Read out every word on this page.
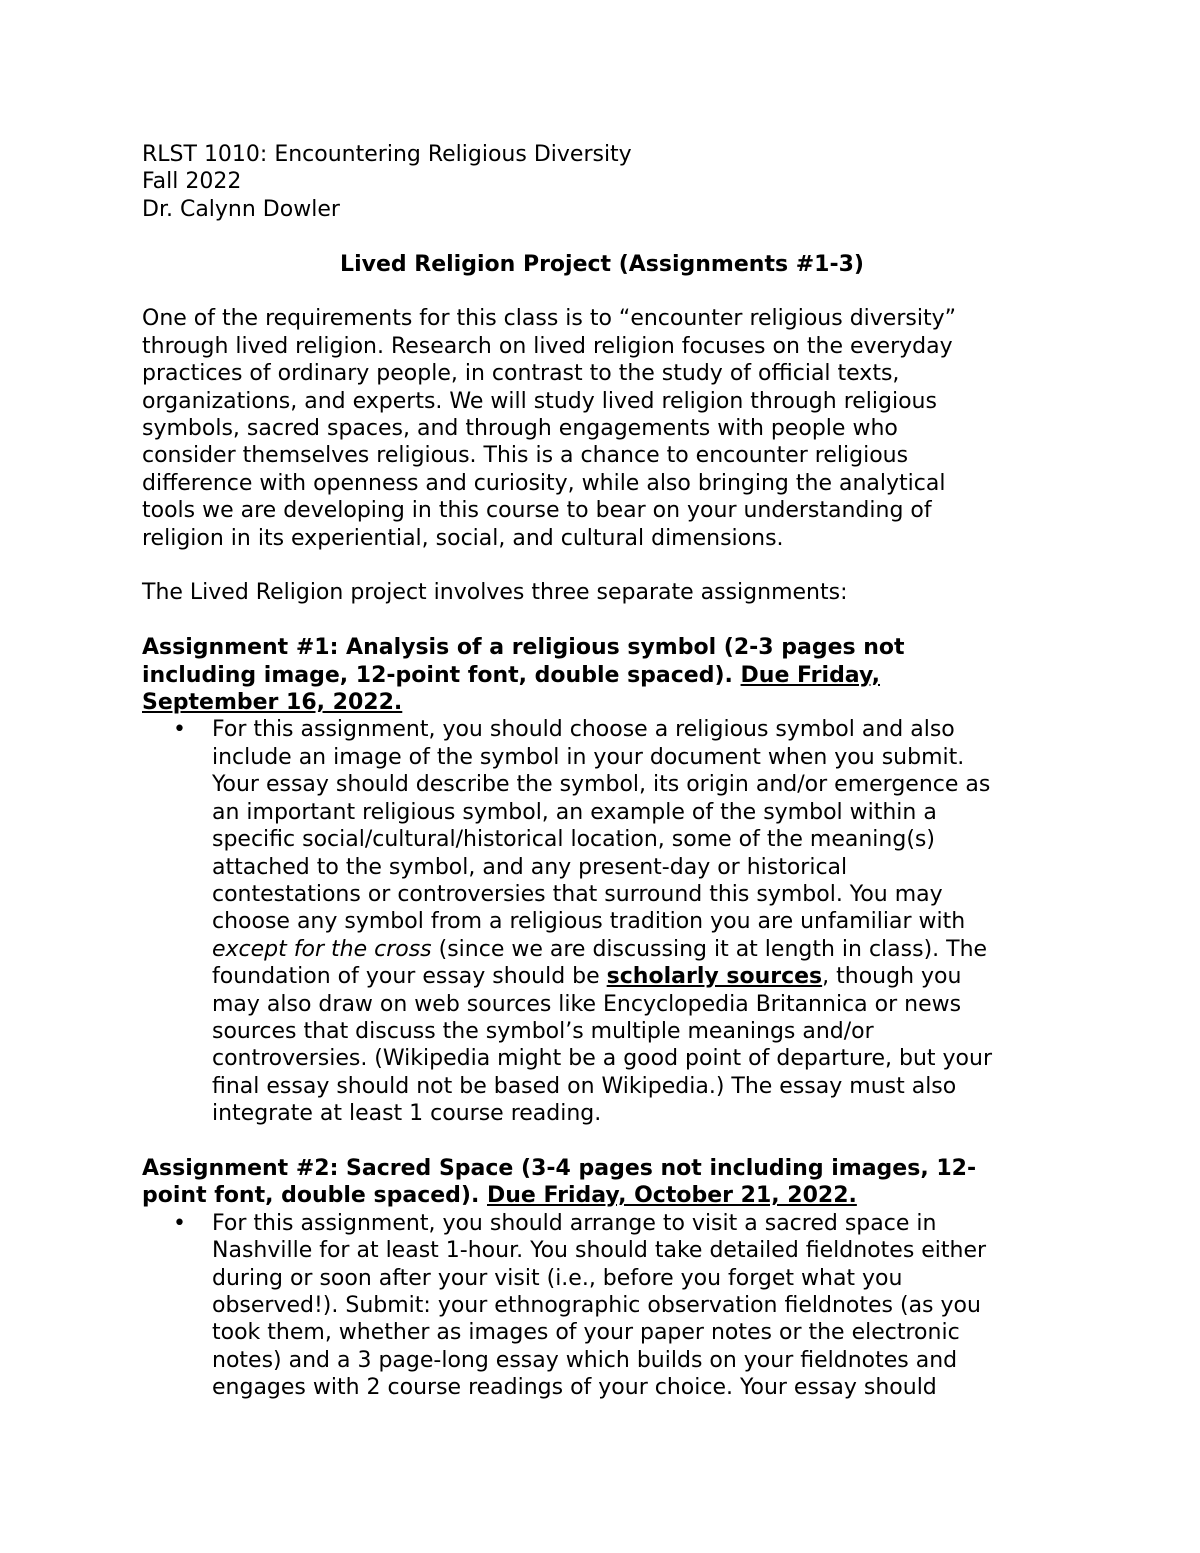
RLST 1010: Encountering Religious Diversity
Fall 2022
Dr. Calynn Dowler
Lived Religion Project (Assignments #1-3)
One of the requirements for this class is to “encounter religious diversity”
through lived religion. Research on lived religion focuses on the everyday
practices of ordinary people, in contrast to the study of official texts,
organizations, and experts. We will study lived religion through religious
symbols, sacred spaces, and through engagements with people who
consider themselves religious. This is a chance to encounter religious
difference with openness and curiosity, while also bringing the analytical
tools we are developing in this course to bear on your understanding of
religion in its experiential, social, and cultural dimensions.
The Lived Religion project involves three separate assignments:
Assignment #1: Analysis of a religious symbol (2-3 pages not
including image, 12-point font, double spaced). Due Friday,
September 16, 2022.
• For this assignment, you should choose a religious symbol and also
include an image of the symbol in your document when you submit.
Your essay should describe the symbol, its origin and/or emergence as
an important religious symbol, an example of the symbol within a
specific social/cultural/historical location, some of the meaning(s)
attached to the symbol, and any present-day or historical
contestations or controversies that surround this symbol. You may
choose any symbol from a religious tradition you are unfamiliar with
except for the cross (since we are discussing it at length in class). The
foundation of your essay should be scholarly sources, though you
may also draw on web sources like Encyclopedia Britannica or news
sources that discuss the symbol’s multiple meanings and/or
controversies. (Wikipedia might be a good point of departure, but your
final essay should not be based on Wikipedia.) The essay must also
integrate at least 1 course reading.
Assignment #2: Sacred Space (3-4 pages not including images, 12-
point font, double spaced). Due Friday, October 21, 2022.
• For this assignment, you should arrange to visit a sacred space in
Nashville for at least 1-hour. You should take detailed fieldnotes either
during or soon after your visit (i.e., before you forget what you
observed!). Submit: your ethnographic observation fieldnotes (as you
took them, whether as images of your paper notes or the electronic
notes) and a 3 page-long essay which builds on your fieldnotes and
engages with 2 course readings of your choice. Your essay should
